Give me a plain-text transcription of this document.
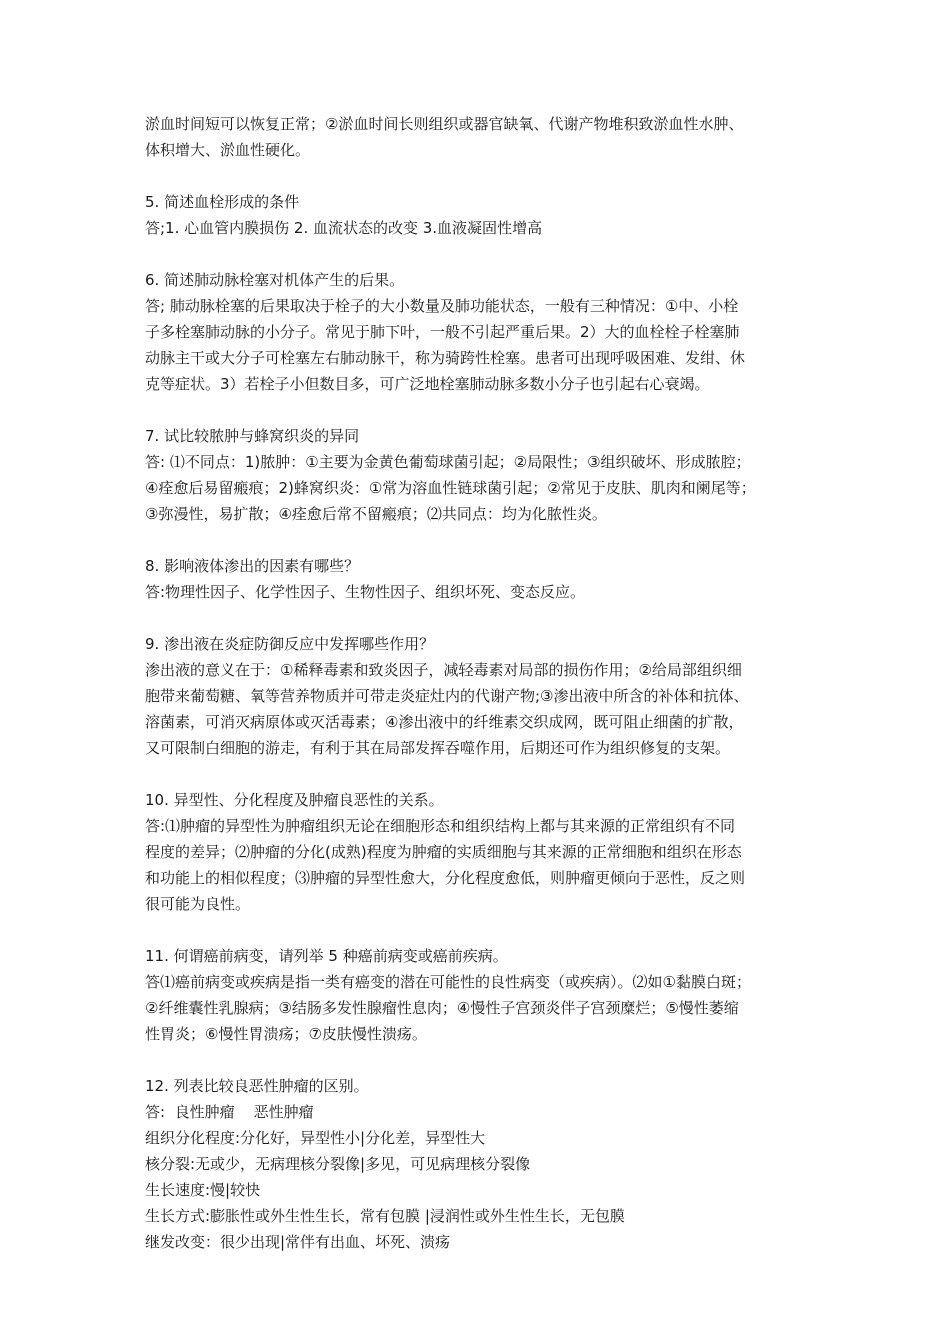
淤血时间短可以恢复正常；②淤血时间长则组织或器官缺氧、代谢产物堆积致淤血性水肿、
体积增大、淤血性硬化。
5. 简述血栓形成的条件
答;1. 心血管内膜损伤 2. 血流状态的改变 3.血液凝固性增高
6. 简述肺动脉栓塞对机体产生的后果。
答; 肺动脉栓塞的后果取决于栓子的大小数量及肺功能状态，一般有三种情况：①中、小栓
子多栓塞肺动脉的小分子。常见于肺下叶，一般不引起严重后果。2）大的血栓栓子栓塞肺
动脉主干或大分子可栓塞左右肺动脉干，称为骑跨性栓塞。患者可出现呼吸困难、发绀、休
克等症状。3）若栓子小但数目多，可广泛地栓塞肺动脉多数小分子也引起右心衰竭。
7. 试比较脓肿与蜂窝织炎的异同
答: ⑴不同点：1)脓肿：①主要为金黄色葡萄球菌引起；②局限性；③组织破坏、形成脓腔；
④痊愈后易留瘢痕；2)蜂窝织炎：①常为溶血性链球菌引起；②常见于皮肤、肌肉和阑尾等；
③弥漫性，易扩散；④痊愈后常不留瘢痕；⑵共同点：均为化脓性炎。
8. 影响液体渗出的因素有哪些？
答:物理性因子、化学性因子、生物性因子、组织坏死、变态反应。
9. 渗出液在炎症防御反应中发挥哪些作用？
渗出液的意义在于：①稀释毒素和致炎因子，减轻毒素对局部的损伤作用；②给局部组织细
胞带来葡萄糖、氧等营养物质并可带走炎症灶内的代谢产物;③渗出液中所含的补体和抗体、
溶菌素，可消灭病原体或灭活毒素；④渗出液中的纤维素交织成网，既可阻止细菌的扩散，
又可限制白细胞的游走，有利于其在局部发挥吞噬作用，后期还可作为组织修复的支架。
10. 异型性、分化程度及肿瘤良恶性的关系。
答:⑴肿瘤的异型性为肿瘤组织无论在细胞形态和组织结构上都与其来源的正常组织有不同
程度的差异；⑵肿瘤的分化(成熟)程度为肿瘤的实质细胞与其来源的正常细胞和组织在形态
和功能上的相似程度；⑶肿瘤的异型性愈大，分化程度愈低，则肿瘤更倾向于恶性，反之则
很可能为良性。
11. 何谓癌前病变，请列举 5 种癌前病变或癌前疾病。
答⑴癌前病变或疾病是指一类有癌变的潜在可能性的良性病变（或疾病）。⑵如①黏膜白斑；
②纤维囊性乳腺病；③结肠多发性腺瘤性息肉；④慢性子宫颈炎伴子宫颈糜烂；⑤慢性萎缩
性胃炎；⑥慢性胃溃疡；⑦皮肤慢性溃疡。
12. 列表比较良恶性肿瘤的区别。
答:  良性肿瘤    恶性肿瘤
组织分化程度:分化好，异型性小|分化差，异型性大
核分裂:无或少，无病理核分裂像|多见，可见病理核分裂像
生长速度:慢|较快
生长方式:膨胀性或外生性生长，常有包膜 |浸润性或外生性生长，无包膜
继发改变：很少出现|常伴有出血、坏死、溃疡
